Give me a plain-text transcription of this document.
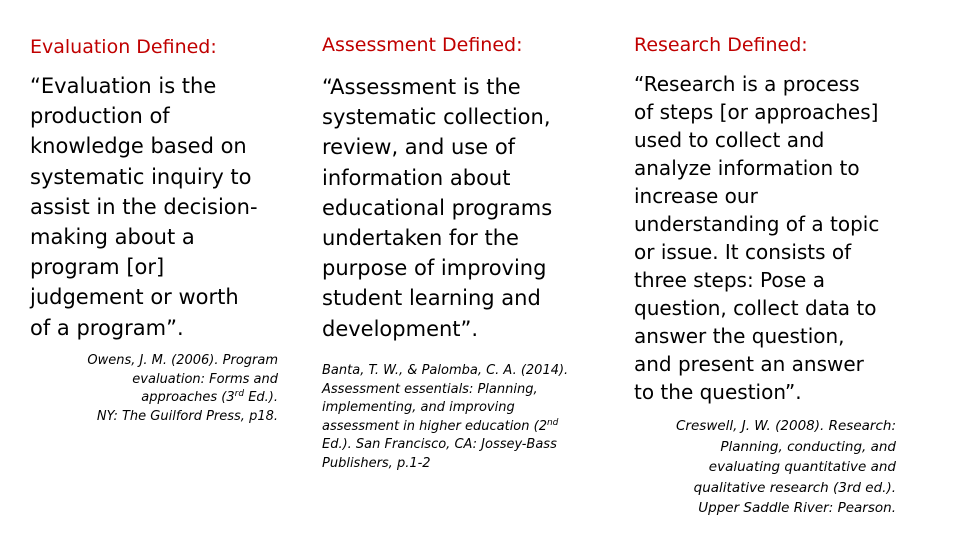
Evaluation Defined:
“Evaluation is the
production of
knowledge based on
systematic inquiry to
assist in the decision-
making about a
program [or]
judgement or worth
of a program”.
Owens, J. M. (2006). Program
evaluation: Forms and
approaches (3rd Ed.).
NY: The Guilford Press, p18.
Assessment Defined:
“Assessment is the
systematic collection,
review, and use of
information about
educational programs
undertaken for the
purpose of improving
student learning and
development”.
Banta, T. W., & Palomba, C. A. (2014).
Assessment essentials: Planning,
implementing, and improving
assessment in higher education (2nd
Ed.). San Francisco, CA: Jossey-Bass
Publishers, p.1-2
Research Defined:
“Research is a process
of steps [or approaches]
used to collect and
analyze information to
increase our
understanding of a topic
or issue. It consists of
three steps: Pose a
question, collect data to
answer the question,
and present an answer
to the question”.
Creswell, J. W. (2008). Research:
Planning, conducting, and
evaluating quantitative and
qualitative research (3rd ed.).
Upper Saddle River: Pearson.
